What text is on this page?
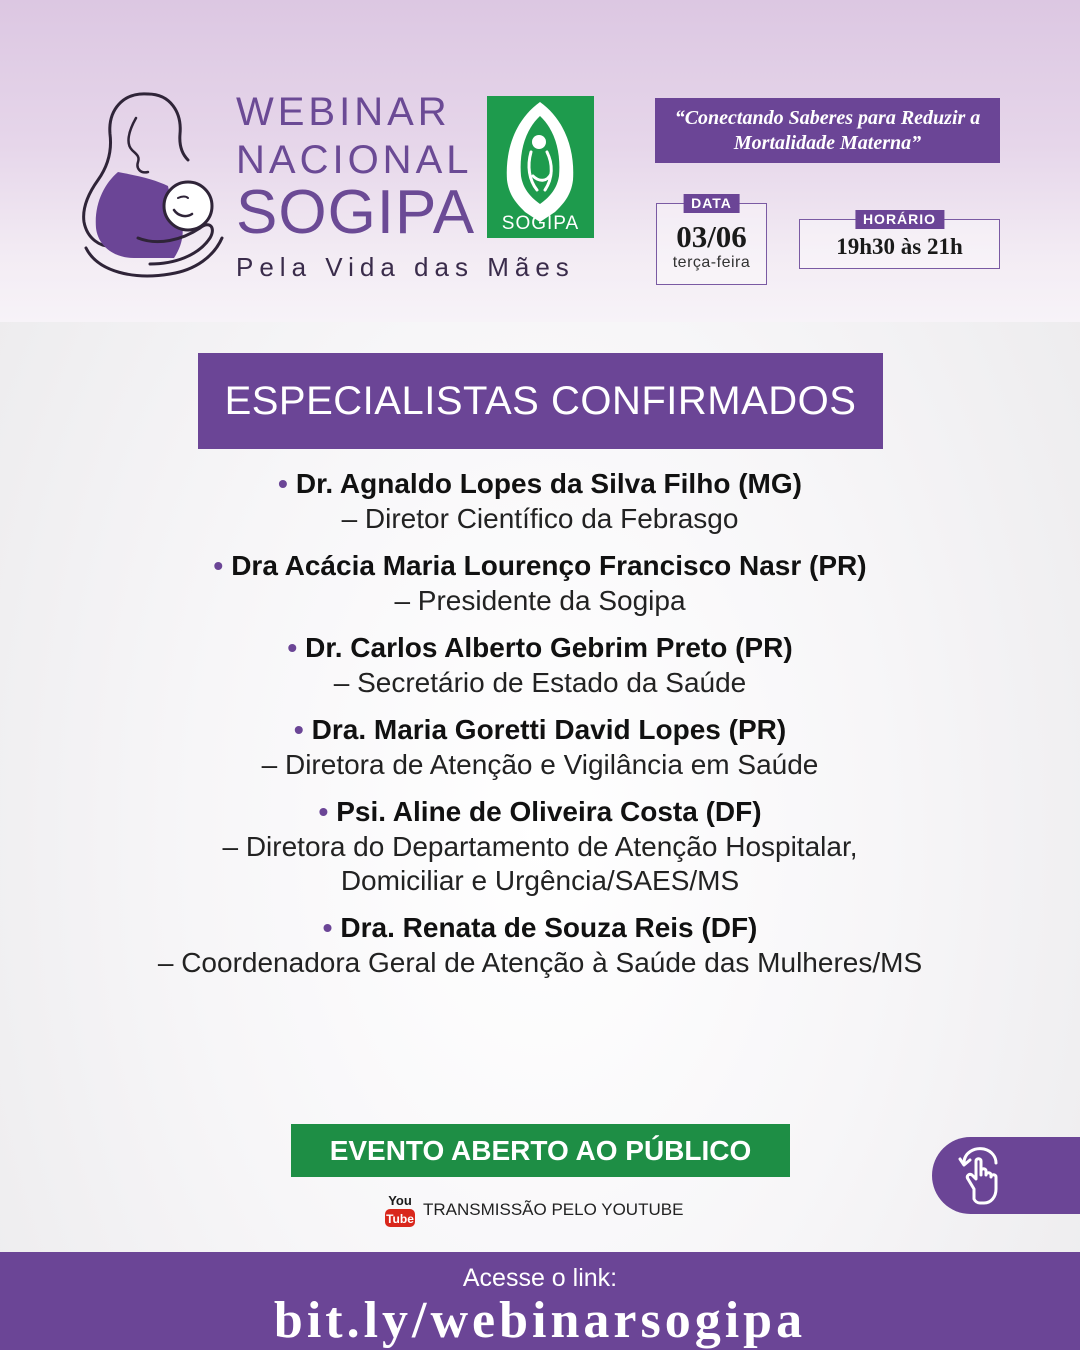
WEBINAR
NACIONAL
SOGIPA
Pela Vida das Mães
SOGIPA
“Conectando Saberes para Reduzir a Mortalidade Materna”
DATA
03/06
terça-feira
HORÁRIO
19h30 às 21h
ESPECIALISTAS CONFIRMADOS
• Dr. Agnaldo Lopes da Silva Filho (MG)
– Diretor Científico da Febrasgo
• Dra Acácia Maria Lourenço Francisco Nasr (PR)
– Presidente da Sogipa
• Dr. Carlos Alberto Gebrim Preto (PR)
– Secretário de Estado da Saúde
• Dra. Maria Goretti David Lopes (PR)
– Diretora de Atenção e Vigilância em Saúde
• Psi. Aline de Oliveira Costa (DF)
– Diretora do Departamento de Atenção Hospitalar,
Domiciliar e Urgência/SAES/MS
• Dra. Renata de Souza Reis (DF)
– Coordenadora Geral de Atenção à Saúde das Mulheres/MS
EVENTO ABERTO AO PÚBLICO
You
Tube TRANSMISSÃO PELO YOUTUBE
Acesse o link:
bit.ly/webinarsogipa
